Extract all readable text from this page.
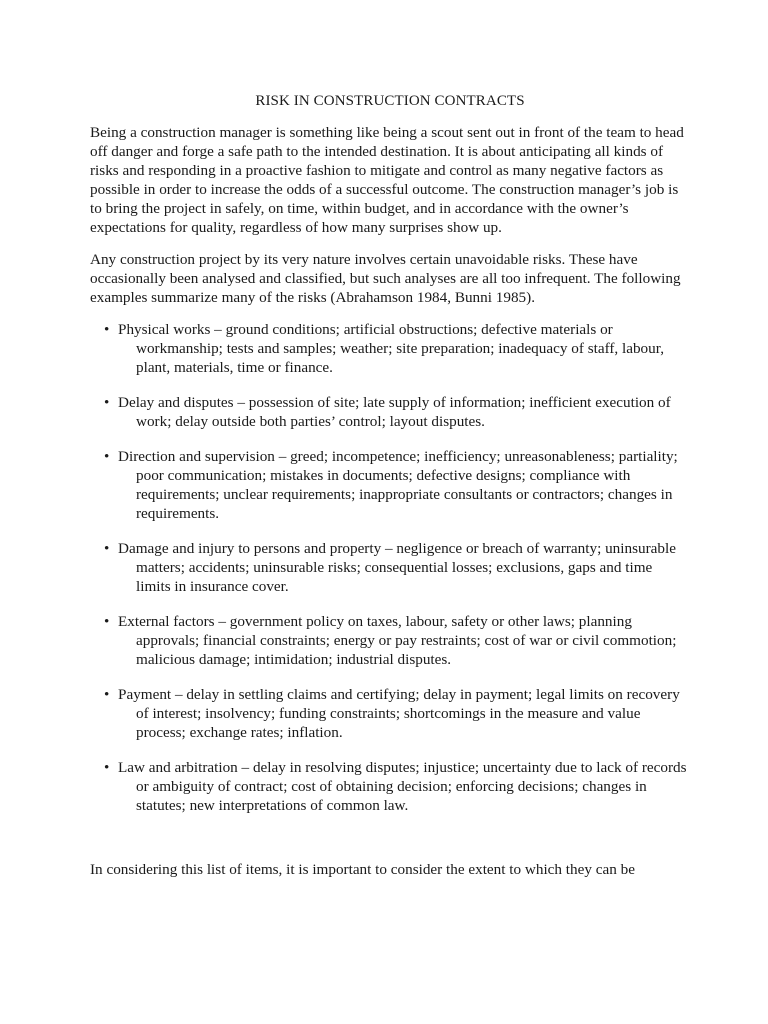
RISK IN CONSTRUCTION CONTRACTS

Being a construction manager is something like being a scout sent out in front of the team to head off danger and forge a safe path to the intended destination. It is about anticipating all kinds of risks and responding in a proactive fashion to mitigate and control as many negative factors as possible in order to increase the odds of a successful outcome. The construction manager’s job is to bring the project in safely, on time, within budget, and in accordance with the owner’s expectations for quality, regardless of how many surprises show up.

Any construction project by its very nature involves certain unavoidable risks. These have occasionally been analysed and classified, but such analyses are all too infrequent. The following examples summarize many of the risks (Abrahamson 1984, Bunni 1985).

• Physical works – ground conditions; artificial obstructions; defective materials or workmanship; tests and samples; weather; site preparation; inadequacy of staff, labour, plant, materials, time or finance.
• Delay and disputes – possession of site; late supply of information; inefficient execution of work; delay outside both parties’ control; layout disputes.
• Direction and supervision – greed; incompetence; inefficiency; unreasonableness; partiality; poor communication; mistakes in documents; defective designs; compliance with requirements; unclear requirements; inappropriate consultants or contractors; changes in requirements.
• Damage and injury to persons and property – negligence or breach of warranty; uninsurable matters; accidents; uninsurable risks; consequential losses; exclusions, gaps and time limits in insurance cover.
• External factors – government policy on taxes, labour, safety or other laws; planning approvals; financial constraints; energy or pay restraints; cost of war or civil commotion; malicious damage; intimidation; industrial disputes.
• Payment – delay in settling claims and certifying; delay in payment; legal limits on recovery of interest; insolvency; funding constraints; shortcomings in the measure and value process; exchange rates; inflation.
• Law and arbitration – delay in resolving disputes; injustice; uncertainty due to lack of records or ambiguity of contract; cost of obtaining decision; enforcing decisions; changes in statutes; new interpretations of common law.

In considering this list of items, it is important to consider the extent to which they can be
